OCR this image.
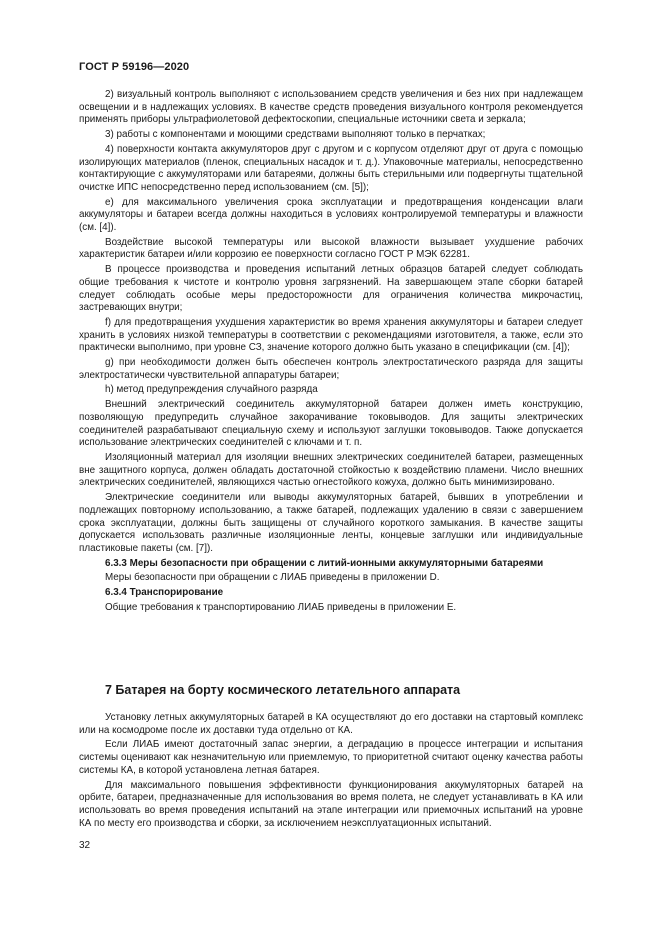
ГОСТ Р 59196—2020

2) визуальный контроль выполняют с использованием средств увеличения и без них при надлежащем освещении и в надлежащих условиях. В качестве средств проведения визуального контроля рекомендуется применять приборы ультрафиолетовой дефектоскопии, специальные источники света и зеркала;

3) работы с компонентами и моющими средствами выполняют только в перчатках;

4) поверхности контакта аккумуляторов друг с другом и с корпусом отделяют друг от друга с помощью изолирующих материалов (пленок, специальных насадок и т. д.). Упаковочные материалы, непосредственно контактирующие с аккумуляторами или батареями, должны быть стерильными или подвергнуты тщательной очистке ИПС непосредственно перед использованием (см. [5]);

е) для максимального увеличения срока эксплуатации и предотвращения конденсации влаги аккумуляторы и батареи всегда должны находиться в условиях контролируемой температуры и влажности (см. [4]).

Воздействие высокой температуры или высокой влажности вызывает ухудшение рабочих характеристик батареи и/или коррозию ее поверхности согласно ГОСТ Р МЭК 62281.

В процессе производства и проведения испытаний летных образцов батарей следует соблюдать общие требования к чистоте и контролю уровня загрязнений. На завершающем этапе сборки батарей следует соблюдать особые меры предосторожности для ограничения количества микрочастиц, застревающих внутри;

f) для предотвращения ухудшения характеристик во время хранения аккумуляторы и батареи следует хранить в условиях низкой температуры в соответствии с рекомендациями изготовителя, а также, если это практически выполнимо, при уровне СЗ, значение которого должно быть указано в спецификации (см. [4]);

g) при необходимости должен быть обеспечен контроль электростатического разряда для защиты электростатически чувствительной аппаратуры батареи;

h) метод предупреждения случайного разряда

Внешний электрический соединитель аккумуляторной батареи должен иметь конструкцию, позволяющую предупредить случайное закорачивание токовыводов. Для защиты электрических соединителей разрабатывают специальную схему и используют заглушки токовыводов. Также допускается использование электрических соединителей с ключами и т. п.

Изоляционный материал для изоляции внешних электрических соединителей батареи, размещенных вне защитного корпуса, должен обладать достаточной стойкостью к воздействию пламени. Число внешних электрических соединителей, являющихся частью огнестойкого кожуха, должно быть минимизировано.

Электрические соединители или выводы аккумуляторных батарей, бывших в употреблении и подлежащих повторному использованию, а также батарей, подлежащих удалению в связи с завершением срока эксплуатации, должны быть защищены от случайного короткого замыкания. В качестве защиты допускается использовать различные изоляционные ленты, концевые заглушки или индивидуальные пластиковые пакеты (см. [7]).

6.3.3 Меры безопасности при обращении с литий-ионными аккумуляторными батареями

Меры безопасности при обращении с ЛИАБ приведены в приложении D.

6.3.4 Транспорирование

Общие требования к транспортированию ЛИАБ приведены в приложении Е.

7 Батарея на борту космического летательного аппарата

Установку летных аккумуляторных батарей в КА осуществляют до его доставки на стартовый комплекс или на космодроме после их доставки туда отдельно от КА.

Если ЛИАБ имеют достаточный запас энергии, а деградацию в процессе интеграции и испытания системы оценивают как незначительную или приемлемую, то приоритетной считают оценку качества работы системы КА, в которой установлена летная батарея.

Для максимального повышения эффективности функционирования аккумуляторных батарей на орбите, батареи, предназначенные для использования во время полета, не следует устанавливать в КА или использовать во время проведения испытаний на этапе интеграции или приемочных испытаний на уровне КА по месту его производства и сборки, за исключением неэксплуатационных испытаний.

32
